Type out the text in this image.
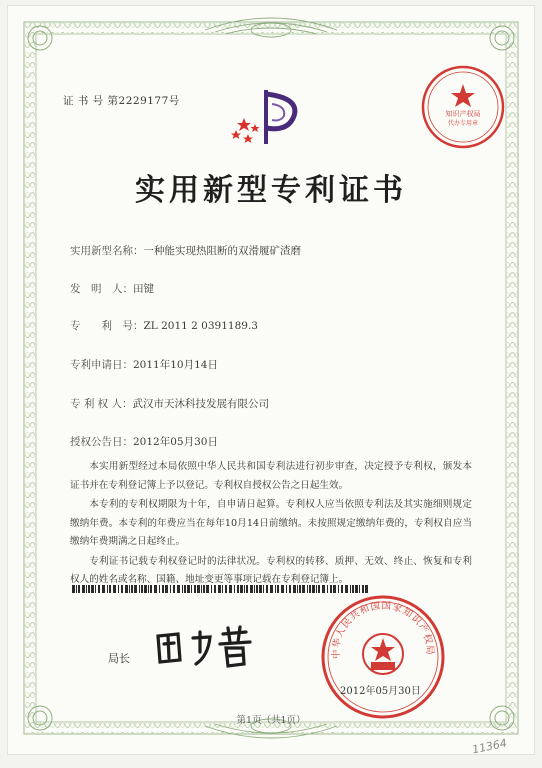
证 书 号 第2229177号
知识产权局
代办专用章
实用新型专利证书
实用新型名称：一种能实现热阻断的双滑履矿渣磨
发　明　人：田键
专　　利　号：ZL 2011 2 0391189.3
专利申请日：2011年10月14日
专 利 权 人：武汉市天沐科技发展有限公司
授权公告日：2012年05月30日

本实用新型经过本局依照中华人民共和国专利法进行初步审查，决定授予专利权，颁发本证书并在专利登记簿上予以登记。专利权自授权公告之日起生效。

本专利的专利权期限为十年，自申请日起算。专利权人应当依照专利法及其实施细则规定缴纳年费。本专利的年费应当在每年10月14日前缴纳。未按照规定缴纳年费的，专利权自应当缴纳年费期满之日起终止。

专利证书记载专利权登记时的法律状况。专利权的转移、质押、无效、终止、恢复和专利权人的姓名或名称、国籍、地址变更等事项记载在专利登记簿上。

局长	中华人民共和国国家知识产权局
2012年05月30日
第1页（共1页）
11364
